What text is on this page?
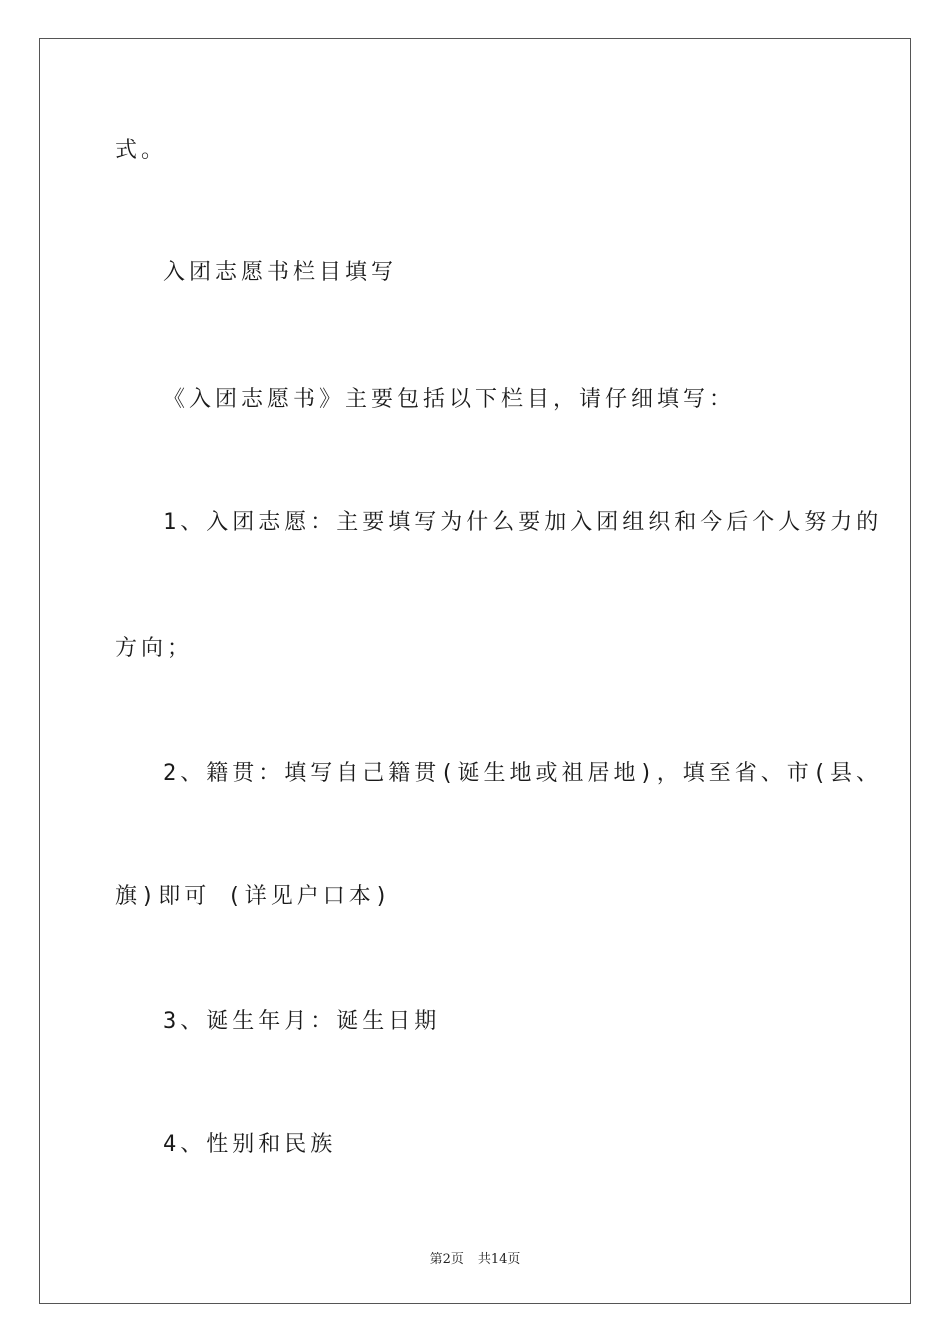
式。
入团志愿书栏目填写
《入团志愿书》主要包括以下栏目，请仔细填写：
1、入团志愿：主要填写为什么要加入团组织和今后个人努力的
方向；
2、籍贯：填写自己籍贯(诞生地或祖居地)，填至省、市(县、
旗)即可 (详见户口本)
3、诞生年月：诞生日期
4、性别和民族
第2页 共14页
